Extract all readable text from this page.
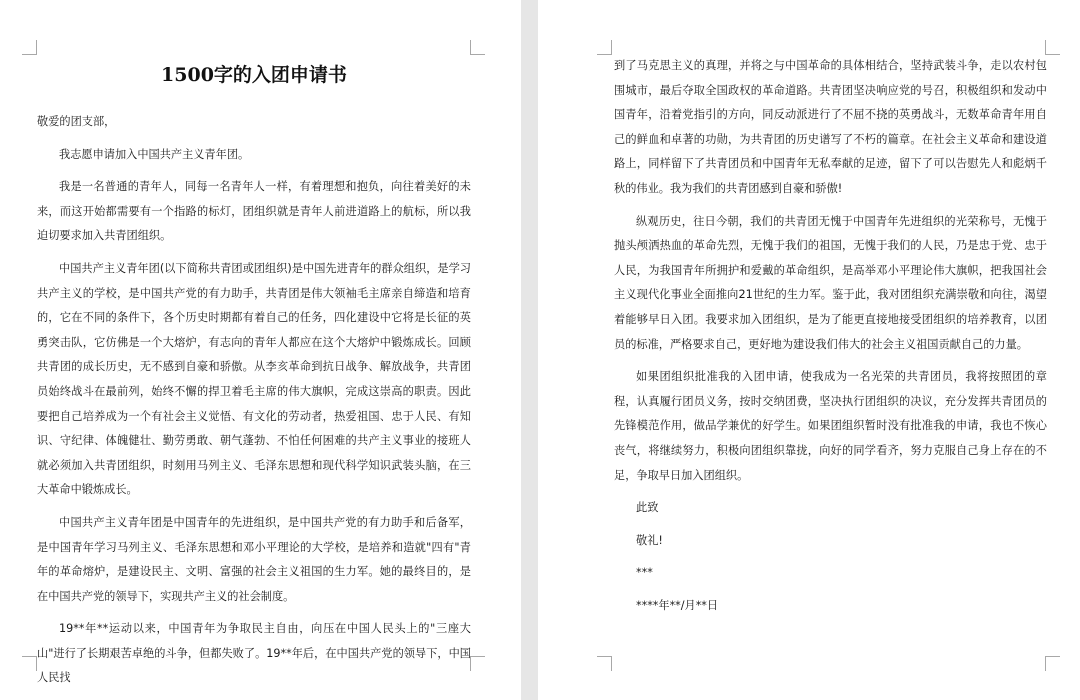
1500字的入团申请书

敬爱的团支部，

我志愿申请加入中国共产主义青年团。

我是一名普通的青年人，同每一名青年人一样，有着理想和抱负，向往着美好的未来，而这开始都需要有一个指路的标灯，团组织就是青年人前进道路上的航标，所以我迫切要求加入共青团组织。

中国共产主义青年团(以下简称共青团或团组织)是中国先进青年的群众组织，是学习共产主义的学校，是中国共产党的有力助手，共青团是伟大领袖毛主席亲自缔造和培育的，它在不同的条件下，各个历史时期都有着自己的任务，四化建设中它将是长征的英勇突击队，它仿佛是一个大熔炉，有志向的青年人都应在这个大熔炉中锻炼成长。回顾共青团的成长历史，无不感到自豪和骄傲。从李亥革命到抗日战争、解放战争，共青团员始终战斗在最前列，始终不懈的捍卫着毛主席的伟大旗帜，完成这崇高的职责。因此要把自己培养成为一个有社会主义觉悟、有文化的劳动者，热爱祖国、忠于人民、有知识、守纪律、体魄健壮、勤劳勇敢、朝气蓬勃、不怕任何困难的共产主义事业的接班人就必须加入共青团组织，时刻用马列主义、毛泽东思想和现代科学知识武装头脑，在三大革命中锻炼成长。

中国共产主义青年团是中国青年的先进组织，是中国共产党的有力助手和后备军，是中国青年学习马列主义、毛泽东思想和邓小平理论的大学校，是培养和造就"四有"青年的革命熔炉，是建设民主、文明、富强的社会主义祖国的生力军。她的最终目的，是在中国共产党的领导下，实现共产主义的社会制度。

19**年**运动以来，中国青年为争取民主自由，向压在中国人民头上的"三座大山"进行了长期艰苦卓绝的斗争，但都失败了。19**年后，在中国共产党的领导下，中国人民找

到了马克思主义的真理，并将之与中国革命的具体相结合，坚持武装斗争，走以农村包围城市，最后夺取全国政权的革命道路。共青团坚决响应党的号召，积极组织和发动中国青年，沿着党指引的方向，同反动派进行了不屈不挠的英勇战斗，无数革命青年用自己的鲜血和卓著的功勋，为共青团的历史谱写了不朽的篇章。在社会主义革命和建设道路上，同样留下了共青团员和中国青年无私奉献的足迹，留下了可以告慰先人和彪炳千秋的伟业。我为我们的共青团感到自豪和骄傲!

纵观历史，往日今朝，我们的共青团无愧于中国青年先进组织的光荣称号，无愧于抛头颅洒热血的革命先烈，无愧于我们的祖国，无愧于我们的人民，乃是忠于党、忠于人民，为我国青年所拥护和爱戴的革命组织，是高举邓小平理论伟大旗帜，把我国社会主义现代化事业全面推向21世纪的生力军。鉴于此，我对团组织充满崇敬和向往，渴望着能够早日入团。我要求加入团组织，是为了能更直接地接受团组织的培养教育，以团员的标准，严格要求自己，更好地为建设我们伟大的社会主义祖国贡献自己的力量。

如果团组织批准我的入团申请，使我成为一名光荣的共青团员，我将按照团的章程，认真履行团员义务，按时交纳团费，坚决执行团组织的决议，充分发挥共青团员的先锋模范作用，做品学兼优的好学生。如果团组织暂时没有批准我的申请，我也不恢心丧气，将继续努力，积极向团组织靠拢，向好的同学看齐，努力克服自己身上存在的不足，争取早日加入团组织。

此致

敬礼!

***

****年**/月**日
